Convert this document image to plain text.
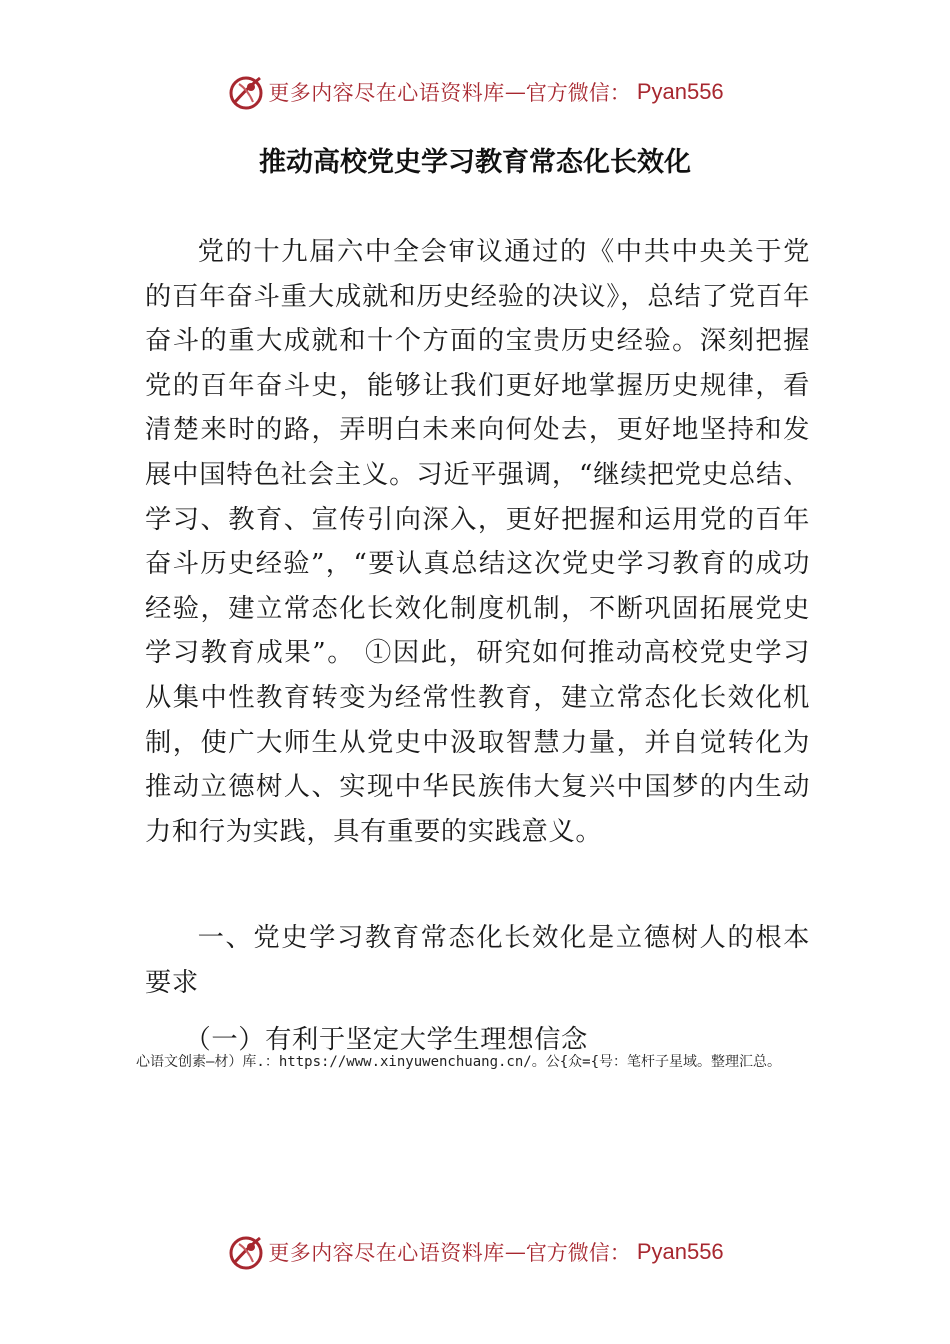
更多内容尽在心语资料库 — 官方微信： Pyan556
推动高校党史学习教育常态化长效化

党的十九届六中全会审议通过的《中共中央关于党的百年奋斗重大成就和历史经验的决议》，总结了党百年奋斗的重大成就和十个方面的宝贵历史经验。深刻把握党的百年奋斗史，能够让我们更好地掌握历史规律，看清楚来时的路，弄明白未来向何处去，更好地坚持和发展中国特色社会主义。习近平强调，“继续把党史总结、学习、教育、宣传引向深入，更好把握和运用党的百年奋斗历史经验”，“要认真总结这次党史学习教育的成功经验，建立常态化长效化制度机制，不断巩固拓展党史学习教育成果”。 ①因此，研究如何推动高校党史学习从集中性教育转变为经常性教育，建立常态化长效化机制，使广大师生从党史中汲取智慧力量，并自觉转化为推动立德树人、实现中华民族伟大复兴中国梦的内生动力和行为实践，具有重要的实践意义。

一、党史学习教育常态化长效化是立德树人的根本要求

（一）有利于坚定大学生理想信念

心语文创素—材）库.：https://www.xinyuwenchuang.cn/。公{众={号：笔杆子星域。整理汇总。

更多内容尽在心语资料库 — 官方微信： Pyan556
